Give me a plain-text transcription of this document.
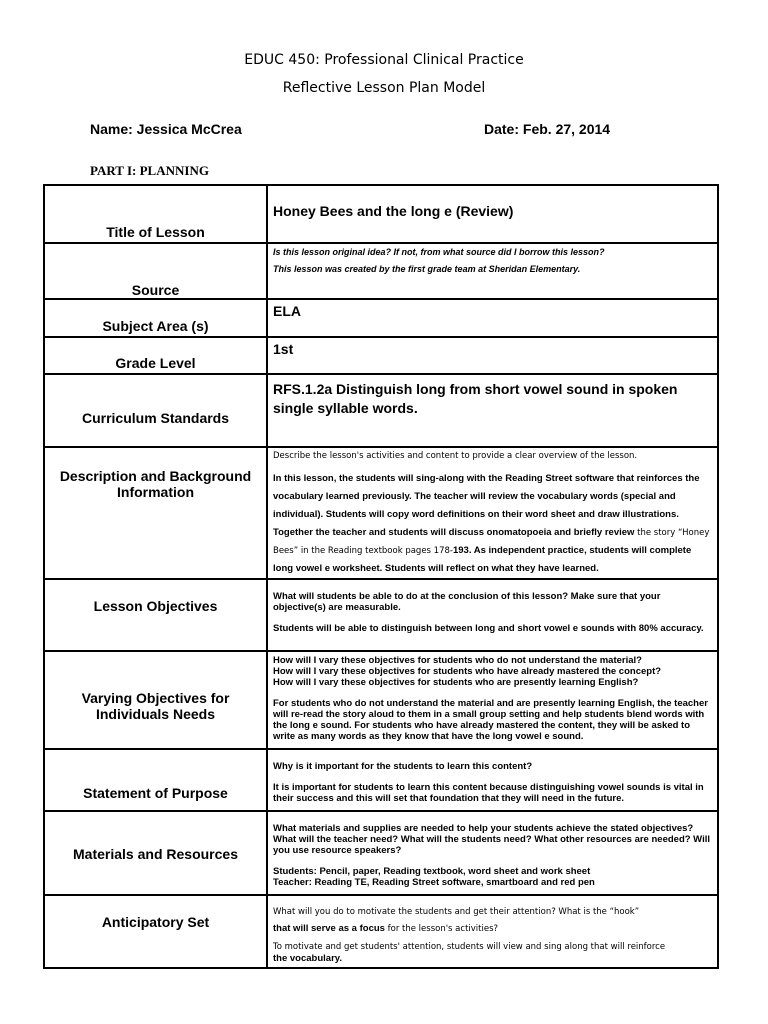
EDUC 450: Professional Clinical Practice
Reflective Lesson Plan Model
Name: Jessica McCrea	Date: Feb. 27, 2014
PART I: PLANNING
Title of Lesson	Honey Bees and the long e (Review)

Source	Is this lesson original idea? If not, from what source did I borrow this lesson?
This lesson was created by the first grade team at Sheridan Elementary.

Subject Area (s)	ELA

Grade Level	1st

Curriculum Standards	RFS.1.2a Distinguish long from short vowel sound in spoken single syllable words.

Description and Background Information	Describe the lesson's activities and content to provide a clear overview of the lesson.
In this lesson, the students will sing-along with the Reading Street software that reinforces the vocabulary learned previously. The teacher will review the vocabulary words (special and individual). Students will copy word definitions on their word sheet and draw illustrations. Together the teacher and students will discuss onomatopoeia and briefly review the story “Honey Bees” in the Reading textbook pages 178-193. As independent practice, students will complete long vowel e worksheet. Students will reflect on what they have learned.

Lesson Objectives	What will students be able to do at the conclusion of this lesson? Make sure that your objective(s) are measurable.
Students will be able to distinguish between long and short vowel e sounds with 80% accuracy.

Varying Objectives for Individuals Needs	How will I vary these objectives for students who do not understand the material?
How will I vary these objectives for students who have already mastered the concept?
How will I vary these objectives for students who are presently learning English?
For students who do not understand the material and are presently learning English, the teacher will re-read the story aloud to them in a small group setting and help students blend words with the long e sound. For students who have already mastered the content, they will be asked to write as many words as they know that have the long vowel e sound.

Statement of Purpose	Why is it important for the students to learn this content?
It is important for students to learn this content because distinguishing vowel sounds is vital in their success and this will set that foundation that they will need in the future.

Materials and Resources	What materials and supplies are needed to help your students achieve the stated objectives? What will the teacher need? What will the students need? What other resources are needed? Will you use resource speakers?
Students: Pencil, paper, Reading textbook, word sheet and work sheet
Teacher: Reading TE, Reading Street software, smartboard and red pen

Anticipatory Set	What will you do to motivate the students and get their attention? What is the “hook”
that will serve as a focus for the lesson's activities?
To motivate and get students' attention, students will view and sing along that will reinforce
the vocabulary.
